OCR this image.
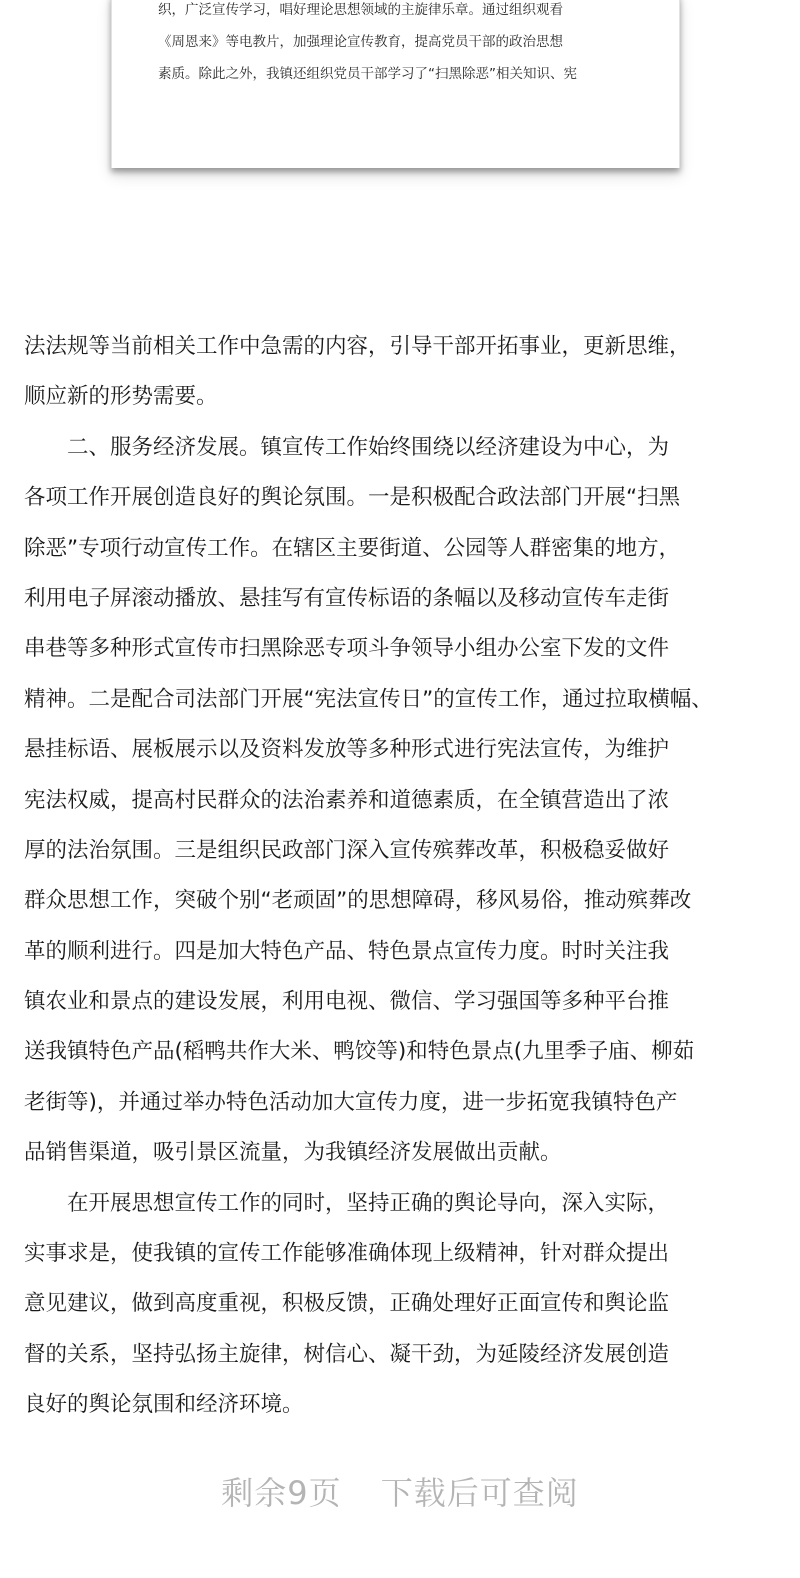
织，广泛宣传学习，唱好理论思想领域的主旋律乐章。通过组织观看
《周恩来》等电教片，加强理论宣传教育，提高党员干部的政治思想
素质。除此之外，我镇还组织党员干部学习了“扫黑除恶”相关知识、宪
法法规等当前相关工作中急需的内容，引导干部开拓事业，更新思维，
顺应新的形势需要。
　　二、服务经济发展。镇宣传工作始终围绕以经济建设为中心，为
各项工作开展创造良好的舆论氛围。一是积极配合政法部门开展“扫黑
除恶”专项行动宣传工作。在辖区主要街道、公园等人群密集的地方，
利用电子屏滚动播放、悬挂写有宣传标语的条幅以及移动宣传车走街
串巷等多种形式宣传市扫黑除恶专项斗争领导小组办公室下发的文件
精神。二是配合司法部门开展“宪法宣传日”的宣传工作，通过拉取横幅、
悬挂标语、展板展示以及资料发放等多种形式进行宪法宣传，为维护
宪法权威，提高村民群众的法治素养和道德素质，在全镇营造出了浓
厚的法治氛围。三是组织民政部门深入宣传殡葬改革，积极稳妥做好
群众思想工作，突破个别“老顽固”的思想障碍，移风易俗，推动殡葬改
革的顺利进行。四是加大特色产品、特色景点宣传力度。时时关注我
镇农业和景点的建设发展，利用电视、微信、学习强国等多种平台推
送我镇特色产品(稻鸭共作大米、鸭饺等)和特色景点(九里季子庙、柳茹
老街等)，并通过举办特色活动加大宣传力度，进一步拓宽我镇特色产
品销售渠道，吸引景区流量，为我镇经济发展做出贡献。
　　在开展思想宣传工作的同时，坚持正确的舆论导向，深入实际，
实事求是，使我镇的宣传工作能够准确体现上级精神，针对群众提出
意见建议，做到高度重视，积极反馈，正确处理好正面宣传和舆论监
督的关系，坚持弘扬主旋律，树信心、凝干劲，为延陵经济发展创造
良好的舆论氛围和经济环境。
剩余9页 下载后可查阅
